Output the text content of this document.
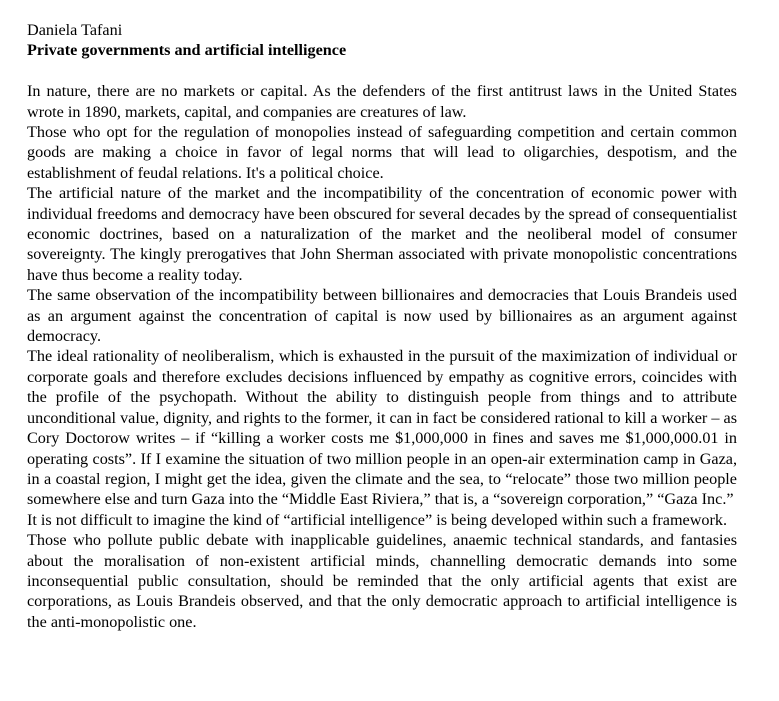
Daniela Tafani

Private governments and artificial intelligence

In nature, there are no markets or capital. As the defenders of the first antitrust laws in the United States wrote in 1890, markets, capital, and companies are creatures of law.

Those who opt for the regulation of monopolies instead of safeguarding competition and certain common goods are making a choice in favor of legal norms that will lead to oligarchies, despotism, and the establishment of feudal relations. It's a political choice.

The artificial nature of the market and the incompatibility of the concentration of economic power with individual freedoms and democracy have been obscured for several decades by the spread of consequentialist economic doctrines, based on a naturalization of the market and the neoliberal model of consumer sovereignty. The kingly prerogatives that John Sherman associated with private monopolistic concentrations have thus become a reality today.

The same observation of the incompatibility between billionaires and democracies that Louis Brandeis used as an argument against the concentration of capital is now used by billionaires as an argument against democracy.

The ideal rationality of neoliberalism, which is exhausted in the pursuit of the maximization of individual or corporate goals and therefore excludes decisions influenced by empathy as cognitive errors, coincides with the profile of the psychopath. Without the ability to distinguish people from things and to attribute unconditional value, dignity, and rights to the former, it can in fact be considered rational to kill a worker – as Cory Doctorow writes – if “killing a worker costs me $1,000,000 in fines and saves me $1,000,000.01 in operating costs”. If I examine the situation of two million people in an open-air extermination camp in Gaza, in a coastal region, I might get the idea, given the climate and the sea, to “relocate” those two million people somewhere else and turn Gaza into the “Middle East Riviera,” that is, a “sovereign corporation,” “Gaza Inc.”

It is not difficult to imagine the kind of “artificial intelligence” is being developed within such a framework.

Those who pollute public debate with inapplicable guidelines, anaemic technical standards, and fantasies about the moralisation of non-existent artificial minds, channelling democratic demands into some inconsequential public consultation, should be reminded that the only artificial agents that exist are corporations, as Louis Brandeis observed, and that the only democratic approach to artificial intelligence is the anti-monopolistic one.
